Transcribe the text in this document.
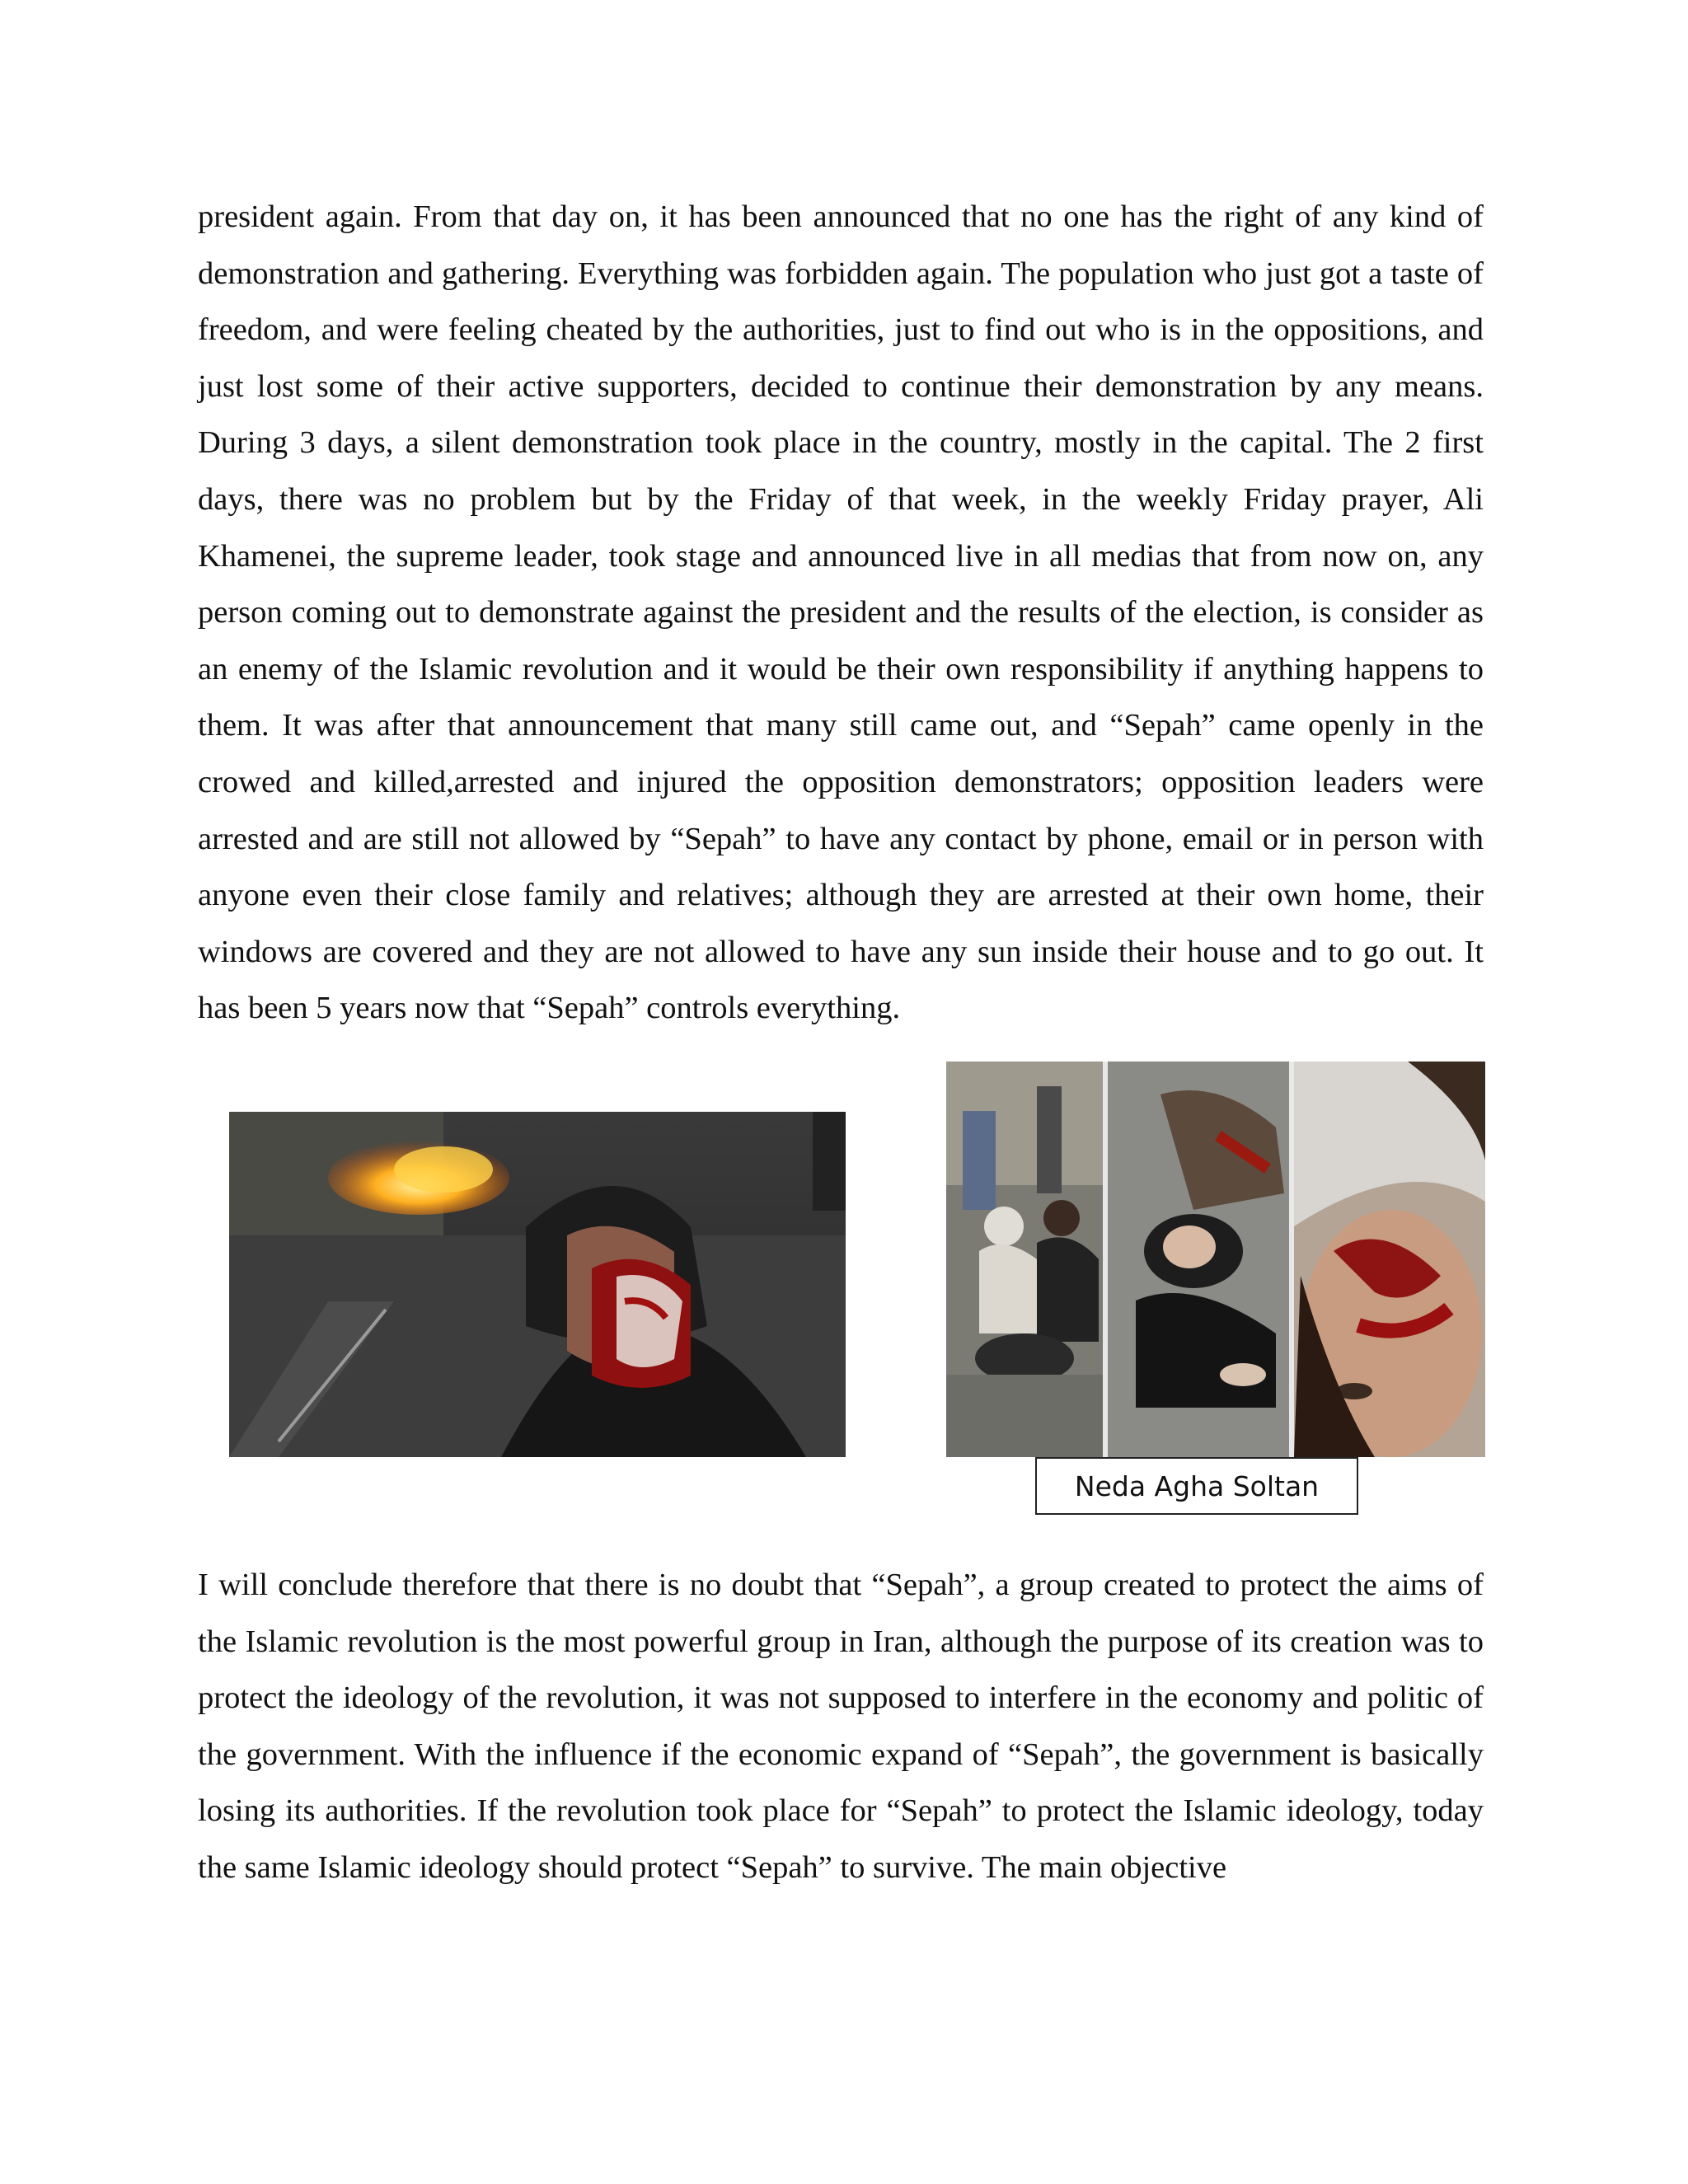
president again. From that day on, it has been announced that no one has the right of any kind of demonstration and gathering. Everything was forbidden again. The population who just got a taste of freedom, and were feeling cheated by the authorities, just to find out who is in the oppositions, and just lost some of their active supporters, decided to continue their demonstration by any means. During 3 days, a silent demonstration took place in the country, mostly in the capital. The 2 first days, there was no problem but by the Friday of that week, in the weekly Friday prayer, Ali Khamenei, the supreme leader, took stage and announced live in all medias that from now on, any person coming out to demonstrate against the president and the results of the election, is consider as an enemy of the Islamic revolution and it would be their own responsibility if anything happens to them. It was after that announcement that many still came out, and “Sepah” came openly in the crowed and killed,arrested and injured the opposition demonstrators; opposition leaders were arrested and are still not allowed by “Sepah” to have any contact by phone, email or in person with anyone even their close family and relatives; although they are arrested at their own home, their windows are covered and they are not allowed to have any sun inside their house and to go out. It has been 5 years now that “Sepah” controls everything.

Neda Agha Soltan

I will conclude therefore that there is no doubt that “Sepah”, a group created to protect the aims of the Islamic revolution is the most powerful group in Iran, although the purpose of its creation was to protect the ideology of the revolution, it was not supposed to interfere in the economy and politic of the government. With the influence if the economic expand of “Sepah”, the government is basically losing its authorities. If the revolution took place for “Sepah” to protect the Islamic ideology, today the same Islamic ideology should protect “Sepah” to survive. The main objective
